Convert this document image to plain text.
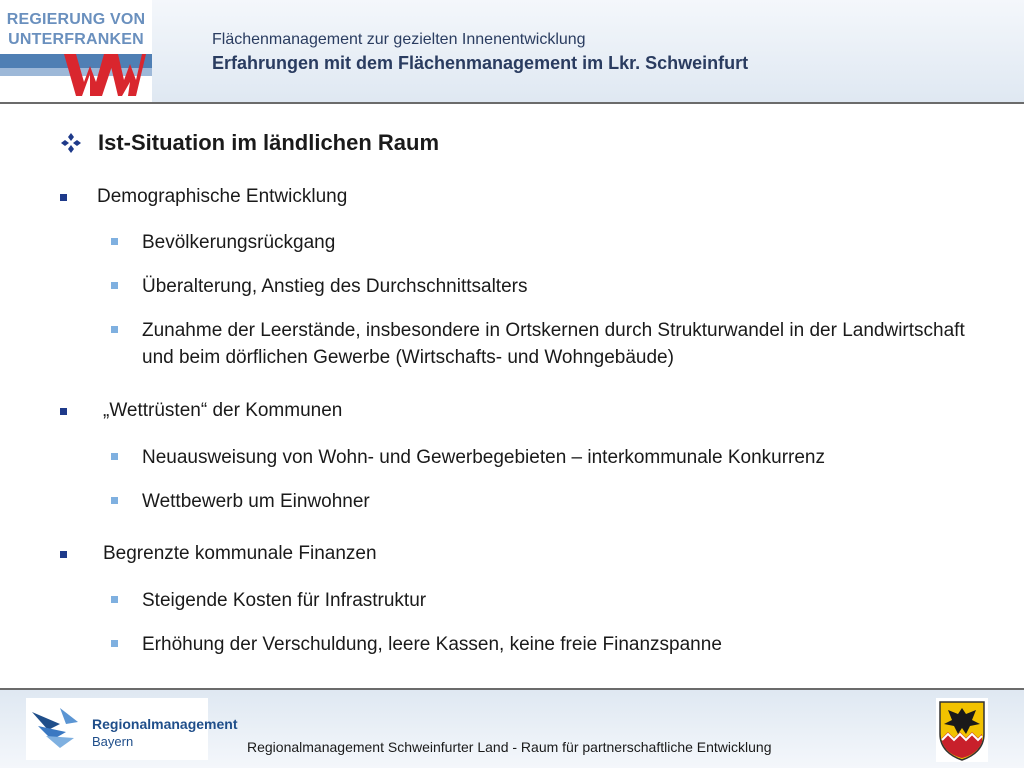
REGIERUNG VON
UNTERFRANKEN	Flächenmanagement zur gezielten Innenentwicklung
Erfahrungen mit dem Flächenmanagement im Lkr. Schweinfurt
Ist-Situation im ländlichen Raum
Demographische Entwicklung
Bevölkerungsrückgang
Überalterung, Anstieg des Durchschnittsalters
Zunahme der Leerstände, insbesondere in Ortskernen durch Strukturwandel in der Landwirtschaft und beim dörflichen Gewerbe (Wirtschafts- und Wohngebäude)
„Wettrüsten“ der Kommunen
Neuausweisung von Wohn- und Gewerbegebieten – interkommunale Konkurrenz
Wettbewerb um Einwohner
Begrenzte kommunale Finanzen
Steigende Kosten für Infrastruktur
Erhöhung der Verschuldung, leere Kassen, keine freie Finanzspanne
Regionalmanagement
Bayern	Regionalmanagement Schweinfurter Land - Raum für partnerschaftliche Entwicklung
